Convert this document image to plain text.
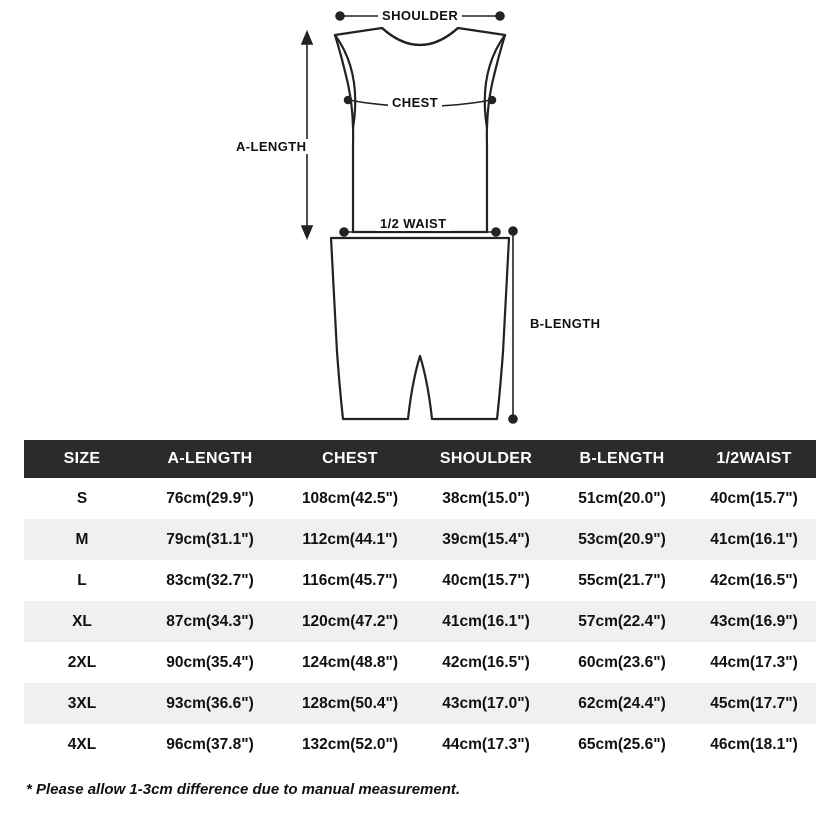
SHOULDER
CHEST
A-LENGTH
1/2 WAIST
B-LENGTH
SIZE	A-LENGTH	CHEST	SHOULDER	B-LENGTH	1/2WAIST
S	76cm(29.9")	108cm(42.5")	38cm(15.0")	51cm(20.0")	40cm(15.7")
M	79cm(31.1")	112cm(44.1")	39cm(15.4")	53cm(20.9")	41cm(16.1")
L	83cm(32.7")	116cm(45.7")	40cm(15.7")	55cm(21.7")	42cm(16.5")
XL	87cm(34.3")	120cm(47.2")	41cm(16.1")	57cm(22.4")	43cm(16.9")
2XL	90cm(35.4")	124cm(48.8")	42cm(16.5")	60cm(23.6")	44cm(17.3")
3XL	93cm(36.6")	128cm(50.4")	43cm(17.0")	62cm(24.4")	45cm(17.7")
4XL	96cm(37.8")	132cm(52.0")	44cm(17.3")	65cm(25.6")	46cm(18.1")
* Please allow 1-3cm difference due to manual measurement.
